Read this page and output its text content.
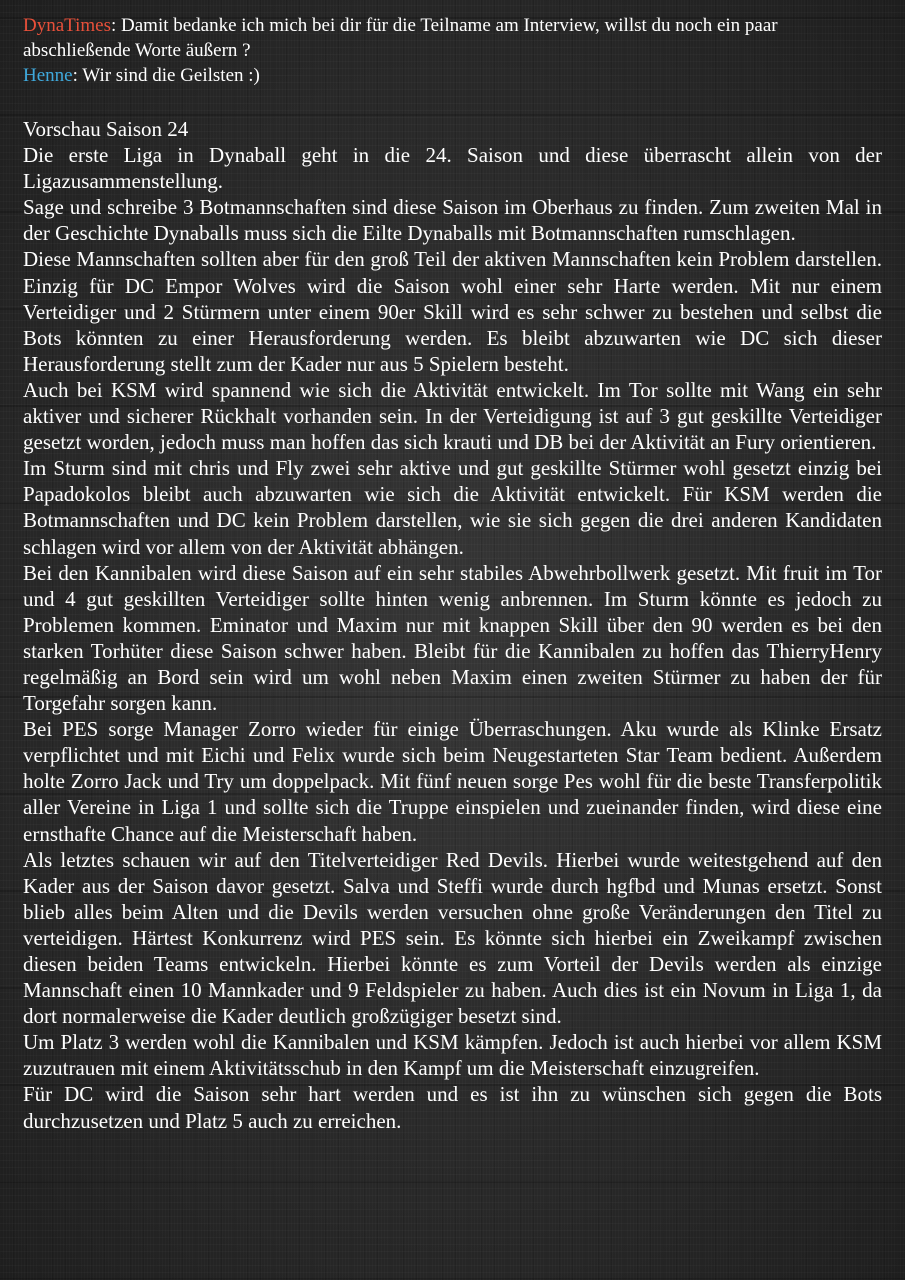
DynaTimes: Damit bedanke ich mich bei dir für die Teilname am Interview, willst du noch ein paar abschließende Worte äußern ?

Henne: Wir sind die Geilsten :)

Vorschau Saison 24

Die erste Liga in Dynaball geht in die 24. Saison und diese überrascht allein von der Ligazusammenstellung.

Sage und schreibe 3 Botmannschaften sind diese Saison im Oberhaus zu finden. Zum zweiten Mal in der Geschichte Dynaballs muss sich die Eilte Dynaballs mit Botmannschaften rumschlagen.

Diese Mannschaften sollten aber für den groß Teil der aktiven Mannschaften kein Problem darstellen. Einzig für DC Empor Wolves wird die Saison wohl einer sehr Harte werden. Mit nur einem Verteidiger und 2 Stürmern unter einem 90er Skill wird es sehr schwer zu bestehen und selbst die Bots könnten zu einer Herausforderung werden. Es bleibt abzuwarten wie DC sich dieser Herausforderung stellt zum der Kader nur aus 5 Spielern besteht.

Auch bei KSM wird spannend wie sich die Aktivität entwickelt. Im Tor sollte mit Wang ein sehr aktiver und sicherer Rückhalt vorhanden sein. In der Verteidigung ist auf 3 gut geskillte Verteidiger gesetzt worden, jedoch muss man hoffen das sich krauti und DB bei der Aktivität an Fury orientieren.

Im Sturm sind mit chris und Fly zwei sehr aktive und gut geskillte Stürmer wohl gesetzt einzig bei Papadokolos bleibt auch abzuwarten wie sich die Aktivität entwickelt. Für KSM werden die Botmannschaften und DC kein Problem darstellen, wie sie sich gegen die drei anderen Kandidaten schlagen wird vor allem von der Aktivität abhängen.

Bei den Kannibalen wird diese Saison auf ein sehr stabiles Abwehrbollwerk gesetzt. Mit fruit im Tor und 4 gut geskillten Verteidiger sollte hinten wenig anbrennen. Im Sturm könnte es jedoch zu Problemen kommen. Eminator und Maxim nur mit knappen Skill über den 90 werden es bei den starken Torhüter diese Saison schwer haben. Bleibt für die Kannibalen zu hoffen das ThierryHenry regelmäßig an Bord sein wird um wohl neben Maxim einen zweiten Stürmer zu haben der für Torgefahr sorgen kann.

Bei PES sorge Manager Zorro wieder für einige Überraschungen. Aku wurde als Klinke Ersatz verpflichtet und mit Eichi und Felix wurde sich beim Neugestarteten Star Team bedient. Außerdem holte Zorro Jack und Try um doppelpack. Mit fünf neuen sorge Pes wohl für die beste Transferpolitik aller Vereine in Liga 1 und sollte sich die Truppe einspielen und zueinander finden, wird diese eine ernsthafte Chance auf die Meisterschaft haben.

Als letztes schauen wir auf den Titelverteidiger Red Devils. Hierbei wurde weitestgehend auf den Kader aus der Saison davor gesetzt. Salva und Steffi wurde durch hgfbd und Munas ersetzt. Sonst blieb alles beim Alten und die Devils werden versuchen ohne große Veränderungen den Titel zu verteidigen. Härtest Konkurrenz wird PES sein. Es könnte sich hierbei ein Zweikampf zwischen diesen beiden Teams entwickeln. Hierbei könnte es zum Vorteil der Devils werden als einzige Mannschaft einen 10 Mannkader und 9 Feldspieler zu haben. Auch dies ist ein Novum in Liga 1, da dort normalerweise die Kader deutlich großzügiger besetzt sind.

Um Platz 3 werden wohl die Kannibalen und KSM kämpfen. Jedoch ist auch hierbei vor allem KSM zuzutrauen mit einem Aktivitätsschub in den Kampf um die Meisterschaft einzugreifen.

Für DC wird die Saison sehr hart werden und es ist ihn zu wünschen sich gegen die Bots durchzusetzen und Platz 5 auch zu erreichen.
